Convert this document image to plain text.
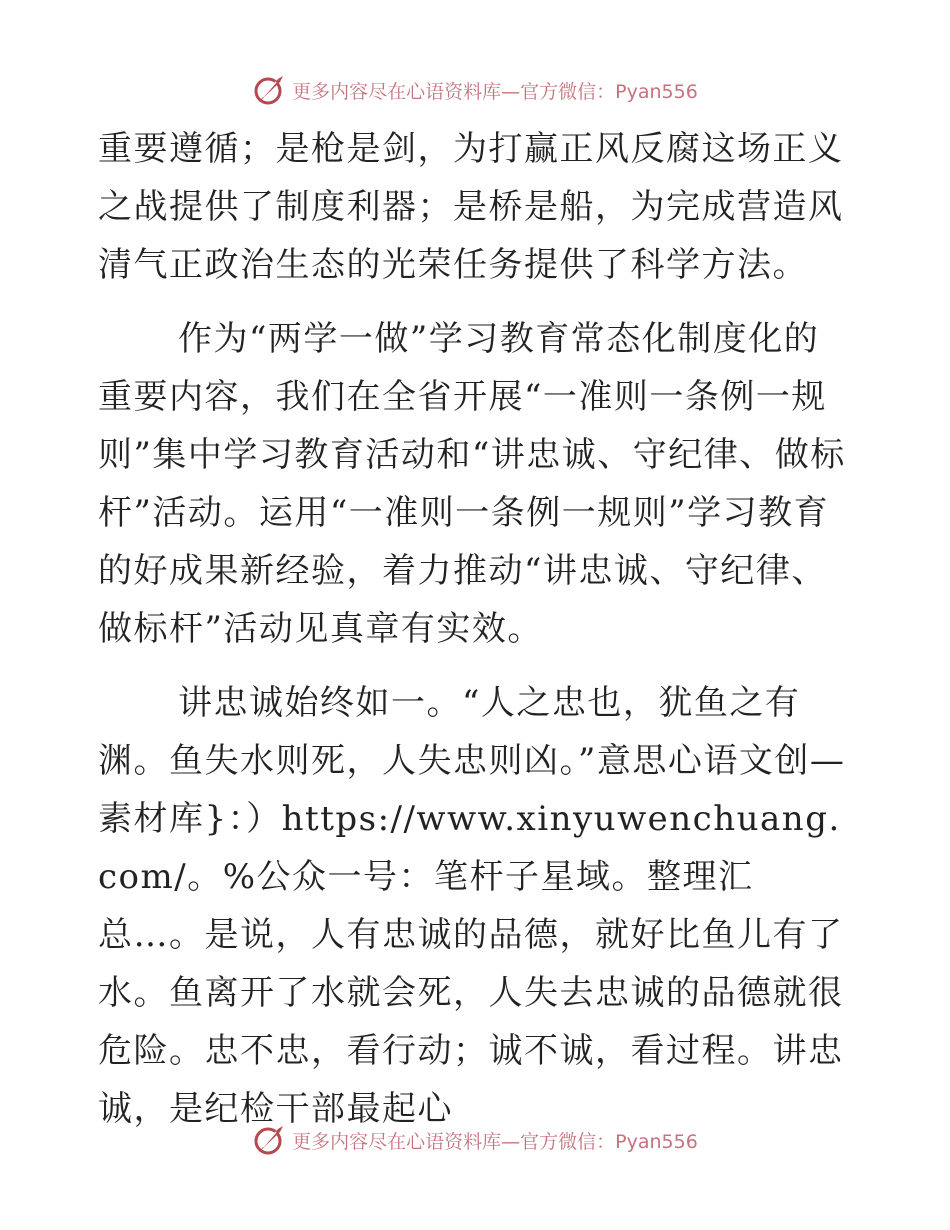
更多内容尽在心语资料库—官方微信：Pyan556

重要遵循；是枪是剑，为打赢正风反腐这场正义之战提供了制度利器；是桥是船，为完成营造风清气正政治生态的光荣任务提供了科学方法。

作为“两学一做”学习教育常态化制度化的重要内容，我们在全省开展“一准则一条例一规则”集中学习教育活动和“讲忠诚、守纪律、做标杆”活动。运用“一准则一条例一规则”学习教育的好成果新经验，着力推动“讲忠诚、守纪律、做标杆”活动见真章有实效。

讲忠诚始终如一。“人之忠也，犹鱼之有渊。鱼失水则死，人失忠则凶。”意思心语文创—素材库}：）https://www.xinyuwenchuang.com/。%公众一号：笔杆子星域。整理汇总…。是说，人有忠诚的品德，就好比鱼儿有了水。鱼离开了水就会死，人失去忠诚的品德就很危险。忠不忠，看行动；诚不诚，看过程。讲忠诚，是纪检干部最起心

更多内容尽在心语资料库—官方微信：Pyan556
